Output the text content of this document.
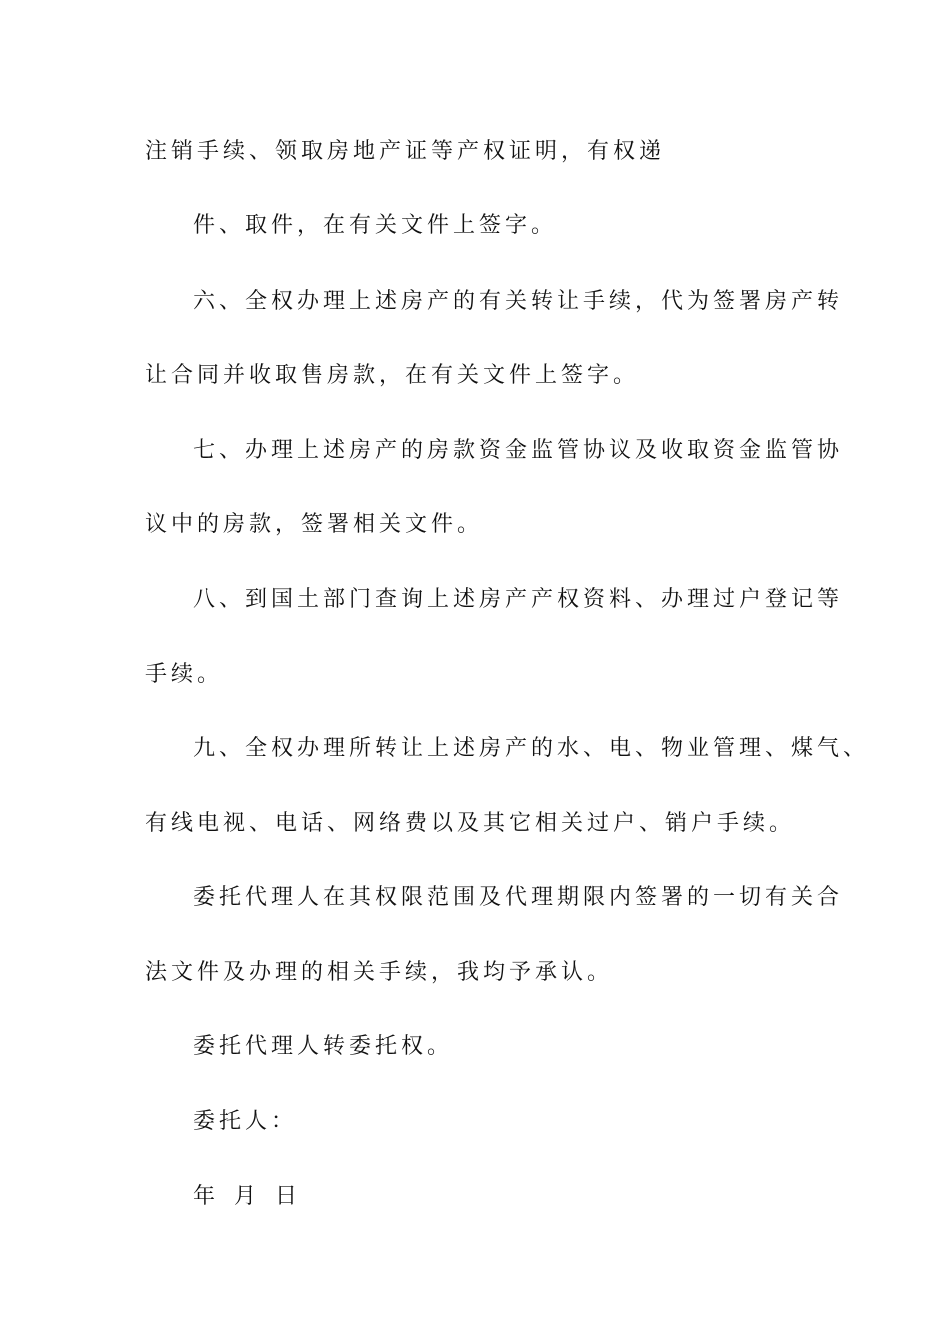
注销手续、领取房地产证等产权证明，有权递
件、取件，在有关文件上签字。
六、全权办理上述房产的有关转让手续，代为签署房产转
让合同并收取售房款，在有关文件上签字。
七、办理上述房产的房款资金监管协议及收取资金监管协
议中的房款，签署相关文件。
八、到国土部门查询上述房产产权资料、办理过户登记等
手续。
九、全权办理所转让上述房产的水、电、物业管理、煤气、
有线电视、电话、网络费以及其它相关过户、销户手续。
委托代理人在其权限范围及代理期限内签署的一切有关合
法文件及办理的相关手续，我均予承认。
委托代理人转委托权。
委托人：
年 月 日
